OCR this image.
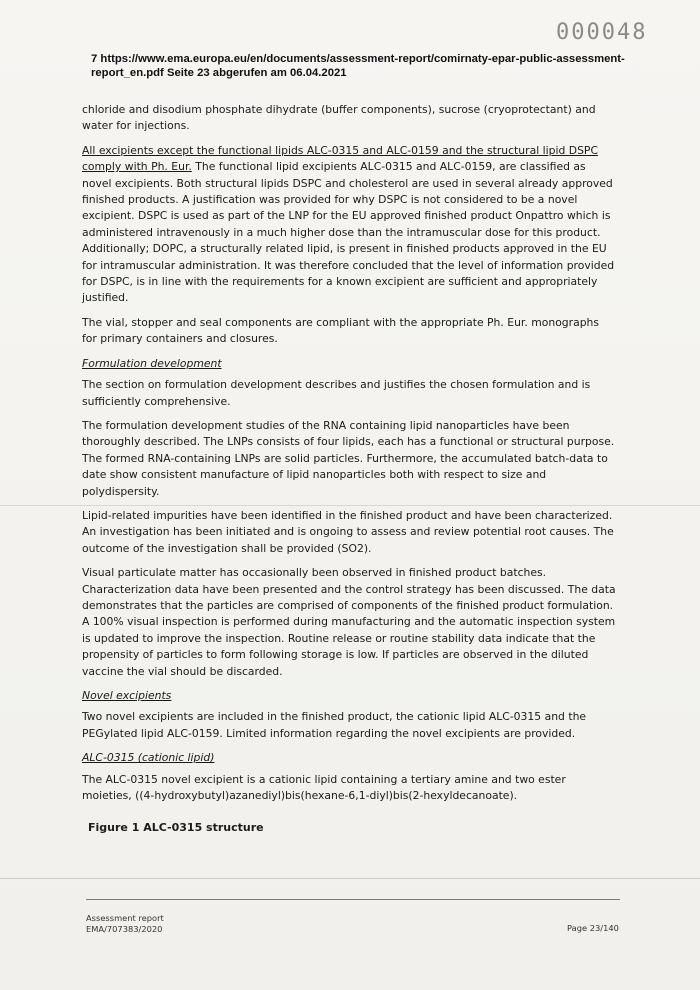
000048
7 https://www.ema.europa.eu/en/documents/assessment-report/comirnaty-epar-public-assessment-report_en.pdf Seite 23 abgerufen am 06.04.2021

chloride and disodium phosphate dihydrate (buffer components), sucrose (cryoprotectant) and water for injections.

All excipients except the functional lipids ALC-0315 and ALC-0159 and the structural lipid DSPC comply with Ph. Eur. The functional lipid excipients ALC-0315 and ALC-0159, are classified as novel excipients. Both structural lipids DSPC and cholesterol are used in several already approved finished products. A justification was provided for why DSPC is not considered to be a novel excipient. DSPC is used as part of the LNP for the EU approved finished product Onpattro which is administered intravenously in a much higher dose than the intramuscular dose for this product. Additionally; DOPC, a structurally related lipid, is present in finished products approved in the EU for intramuscular administration. It was therefore concluded that the level of information provided for DSPC, is in line with the requirements for a known excipient are sufficient and appropriately justified.

The vial, stopper and seal components are compliant with the appropriate Ph. Eur. monographs for primary containers and closures.

Formulation development

The section on formulation development describes and justifies the chosen formulation and is sufficiently comprehensive.

The formulation development studies of the RNA containing lipid nanoparticles have been thoroughly described. The LNPs consists of four lipids, each has a functional or structural purpose. The formed RNA-containing LNPs are solid particles. Furthermore, the accumulated batch-data to date show consistent manufacture of lipid nanoparticles both with respect to size and polydispersity.

Lipid-related impurities have been identified in the finished product and have been characterized. An investigation has been initiated and is ongoing to assess and review potential root causes. The outcome of the investigation shall be provided (SO2).

Visual particulate matter has occasionally been observed in finished product batches. Characterization data have been presented and the control strategy has been discussed. The data demonstrates that the particles are comprised of components of the finished product formulation. A 100% visual inspection is performed during manufacturing and the automatic inspection system is updated to improve the inspection. Routine release or routine stability data indicate that the propensity of particles to form following storage is low. If particles are observed in the diluted vaccine the vial should be discarded.

Novel excipients

Two novel excipients are included in the finished product, the cationic lipid ALC-0315 and the PEGylated lipid ALC-0159. Limited information regarding the novel excipients are provided.

ALC-0315 (cationic lipid)

The ALC-0315 novel excipient is a cationic lipid containing a tertiary amine and two ester moieties, ((4-hydroxybutyl)azanediyl)bis(hexane-6,1-diyl)bis(2-hexyldecanoate).

Figure 1 ALC-0315 structure
Assessment report
EMA/707383/2020	Page 23/140
